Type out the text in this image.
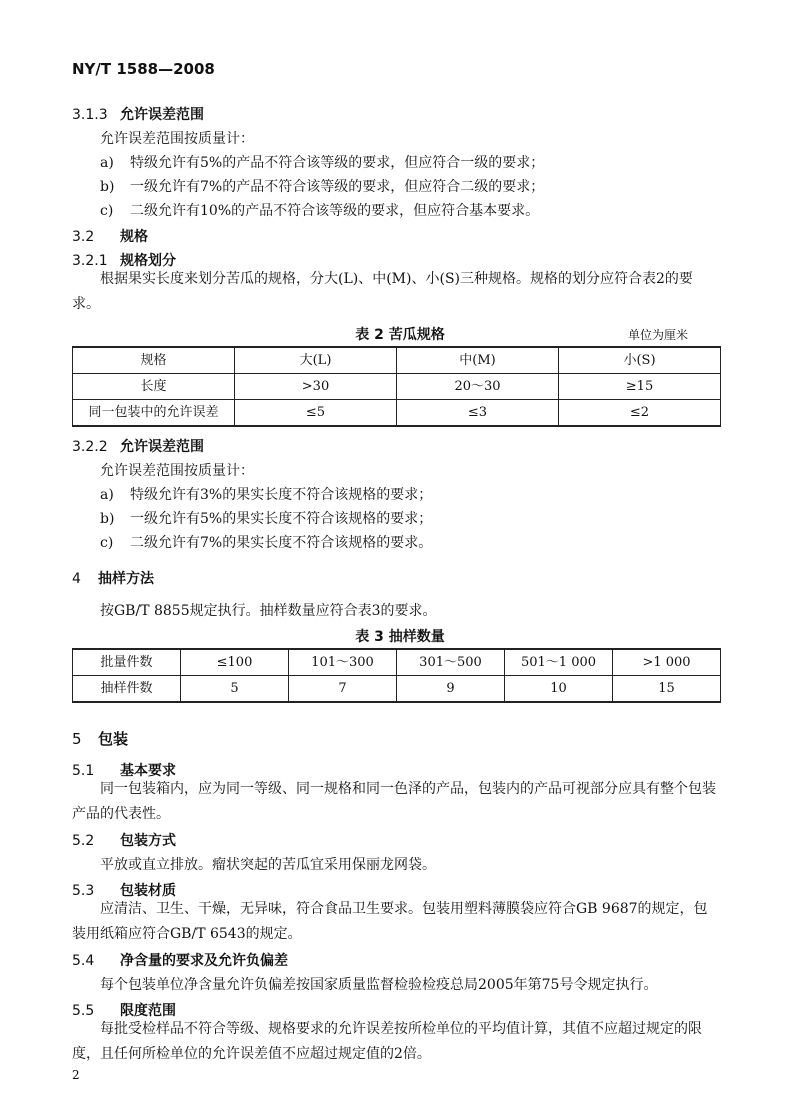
NY/T 1588—2008
3.1.3 允许误差范围
允许误差范围按质量计：
a) 特级允许有5%的产品不符合该等级的要求，但应符合一级的要求；
b) 一级允许有7%的产品不符合该等级的要求，但应符合二级的要求；
c) 二级允许有10%的产品不符合该等级的要求，但应符合基本要求。
3.2 规格
3.2.1 规格划分
根据果实长度来划分苦瓜的规格，分大(L)、中(M)、小(S)三种规格。规格的划分应符合表2的要求。
表 2 苦瓜规格	单位为厘米
规格	大(L)	中(M)	小(S)
长度	>30	20～30	≥15
同一包装中的允许误差	≤5	≤3	≤2
3.2.2 允许误差范围
允许误差范围按质量计：
a) 特级允许有3%的果实长度不符合该规格的要求；
b) 一级允许有5%的果实长度不符合该规格的要求；
c) 二级允许有7%的果实长度不符合该规格的要求。
4 抽样方法
按GB/T 8855规定执行。抽样数量应符合表3的要求。
表 3 抽样数量
批量件数	≤100	101～300	301～500	501～1 000	>1 000
抽样件数	5	7	9	10	15
5 包装
5.1 基本要求
同一包装箱内，应为同一等级、同一规格和同一色泽的产品，包装内的产品可视部分应具有整个包装产品的代表性。
5.2 包装方式
平放或直立排放。瘤状突起的苦瓜宜采用保丽龙网袋。
5.3 包装材质
应清洁、卫生、干燥，无异味，符合食品卫生要求。包装用塑料薄膜袋应符合GB 9687的规定，包装用纸箱应符合GB/T 6543的规定。
5.4 净含量的要求及允许负偏差
每个包装单位净含量允许负偏差按国家质量监督检验检疫总局2005年第75号令规定执行。
5.5 限度范围
每批受检样品不符合等级、规格要求的允许误差按所检单位的平均值计算，其值不应超过规定的限度，且任何所检单位的允许误差值不应超过规定值的2倍。
2
